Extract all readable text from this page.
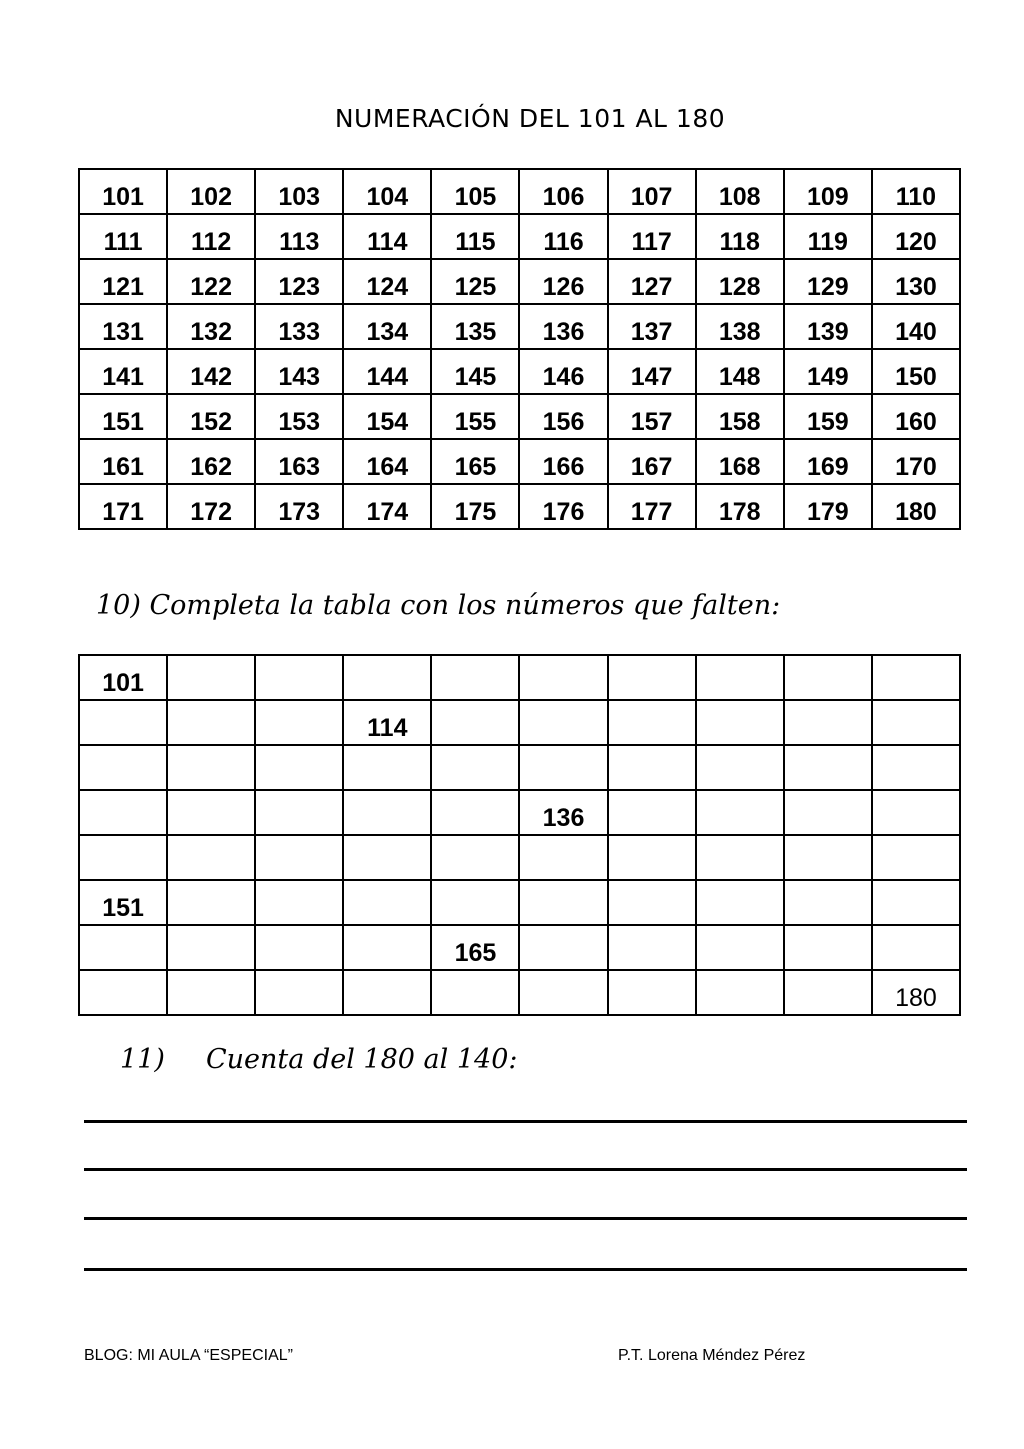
NUMERACIÓN DEL 101 AL 180
101	102	103	104	105	106	107	108	109	110
111	112	113	114	115	116	117	118	119	120
121	122	123	124	125	126	127	128	129	130
131	132	133	134	135	136	137	138	139	140
141	142	143	144	145	146	147	148	149	150
151	152	153	154	155	156	157	158	159	160
161	162	163	164	165	166	167	168	169	170
171	172	173	174	175	176	177	178	179	180
10) Completa la tabla con los números que falten:
101									
			114						

					136				

151									
				165					
									180
11) Cuenta del 180 al 140:
BLOG: MI AULA “ESPECIAL”	P.T. Lorena Méndez Pérez
